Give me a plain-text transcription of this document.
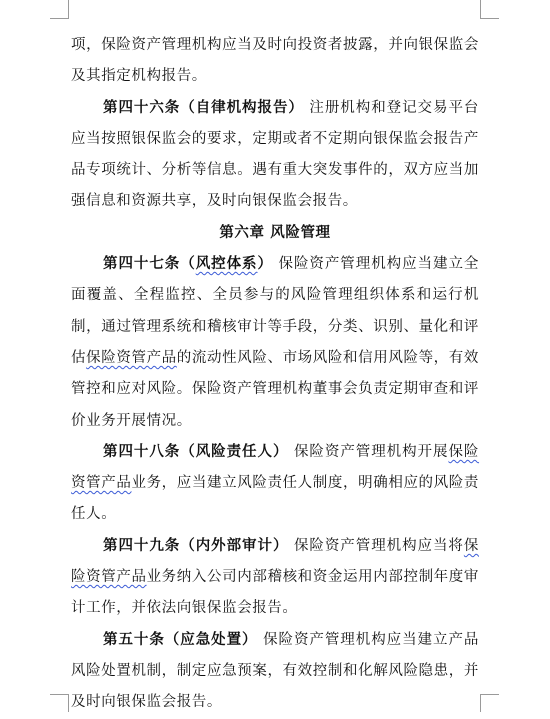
项，保险资产管理机构应当及时向投资者披露，并向银保监会及其指定机构报告。

第四十六条（自律机构报告） 注册机构和登记交易平台应当按照银保监会的要求，定期或者不定期向银保监会报告产品专项统计、分析等信息。遇有重大突发事件的，双方应当加强信息和资源共享，及时向银保监会报告。

第六章 风险管理

第四十七条（风控体系） 保险资产管理机构应当建立全面覆盖、全程监控、全员参与的风险管理组织体系和运行机制，通过管理系统和稽核审计等手段，分类、识别、量化和评估保险资管产品的流动性风险、市场风险和信用风险等，有效管控和应对风险。保险资产管理机构董事会负责定期审查和评价业务开展情况。

第四十八条（风险责任人） 保险资产管理机构开展保险资管产品业务，应当建立风险责任人制度，明确相应的风险责任人。

第四十九条（内外部审计） 保险资产管理机构应当将保险资管产品业务纳入公司内部稽核和资金运用内部控制年度审计工作，并依法向银保监会报告。

第五十条（应急处置） 保险资产管理机构应当建立产品风险处置机制，制定应急预案，有效控制和化解风险隐患，并及时向银保监会报告。
